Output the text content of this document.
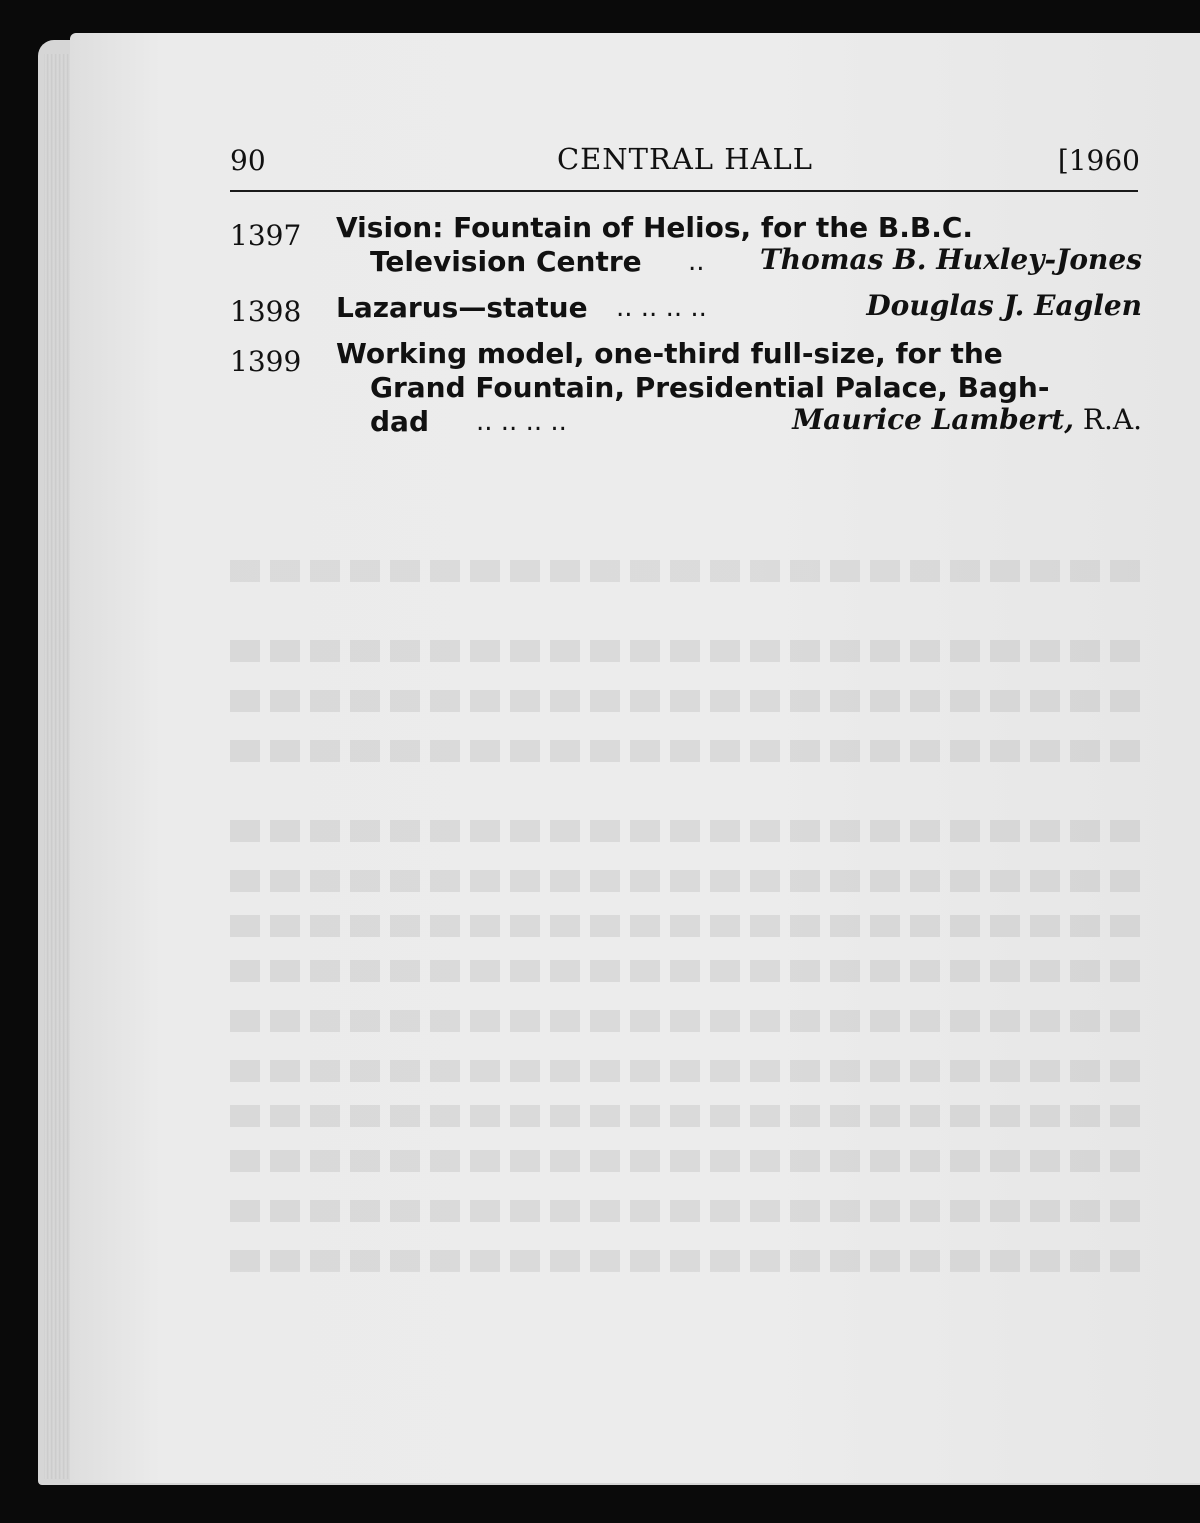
90	CENTRAL HALL	[1960
1397 Vision: Fountain of Helios, for the B.B.C.
Television Centre .. Thomas B. Huxley-Jones
1398 Lazarus—statue .. .. .. ..	Douglas J. Eaglen
1399 Working model, one-third full-size, for the
Grand Fountain, Presidential Palace, Bagh-
dad .. .. .. ..	Maurice Lambert, R.A.
